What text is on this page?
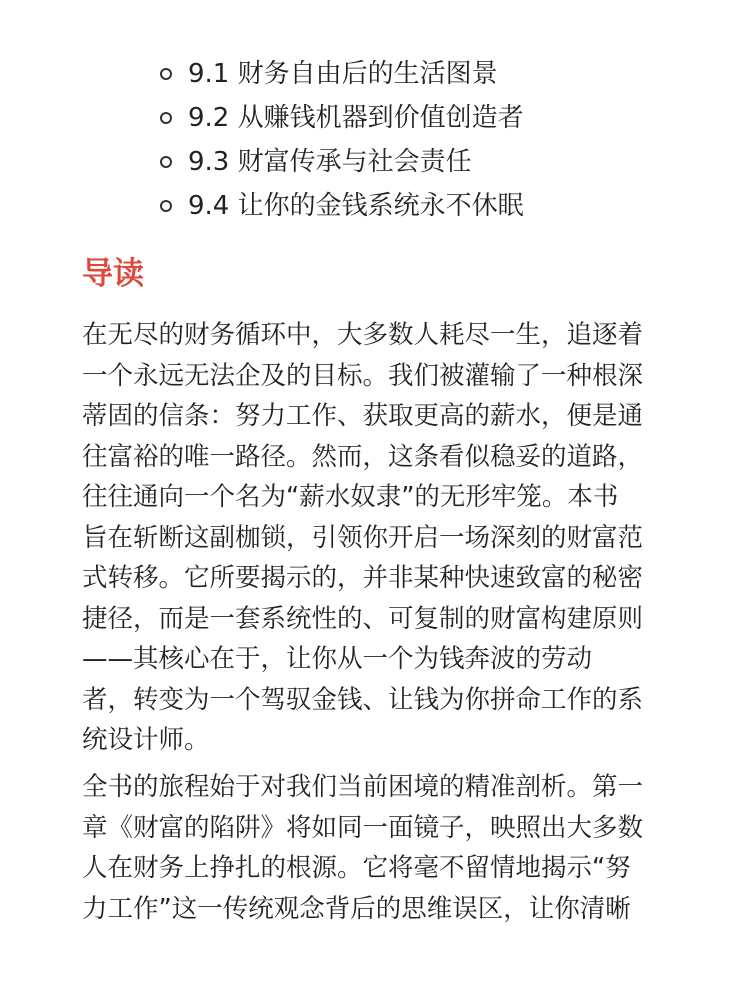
9.1 财务自由后的生活图景
9.2 从赚钱机器到价值创造者
9.3 财富传承与社会责任
9.4 让你的金钱系统永不休眠
导读

在无尽的财务循环中，大多数人耗尽一生，追逐着
一个永远无法企及的目标。我们被灌输了一种根深
蒂固的信条：努力工作、获取更高的薪水，便是通
往富裕的唯一路径。然而，这条看似稳妥的道路，
往往通向一个名为“薪水奴隶”的无形牢笼。本书
旨在斩断这副枷锁，引领你开启一场深刻的财富范
式转移。它所要揭示的，并非某种快速致富的秘密
捷径，而是一套系统性的、可复制的财富构建原则
——其核心在于，让你从一个为钱奔波的劳动
者，转变为一个驾驭金钱、让钱为你拼命工作的系
统设计师。

全书的旅程始于对我们当前困境的精准剖析。第一
章《财富的陷阱》将如同一面镜子，映照出大多数
人在财务上挣扎的根源。它将毫不留情地揭示“努
力工作”这一传统观念背后的思维误区，让你清晰
